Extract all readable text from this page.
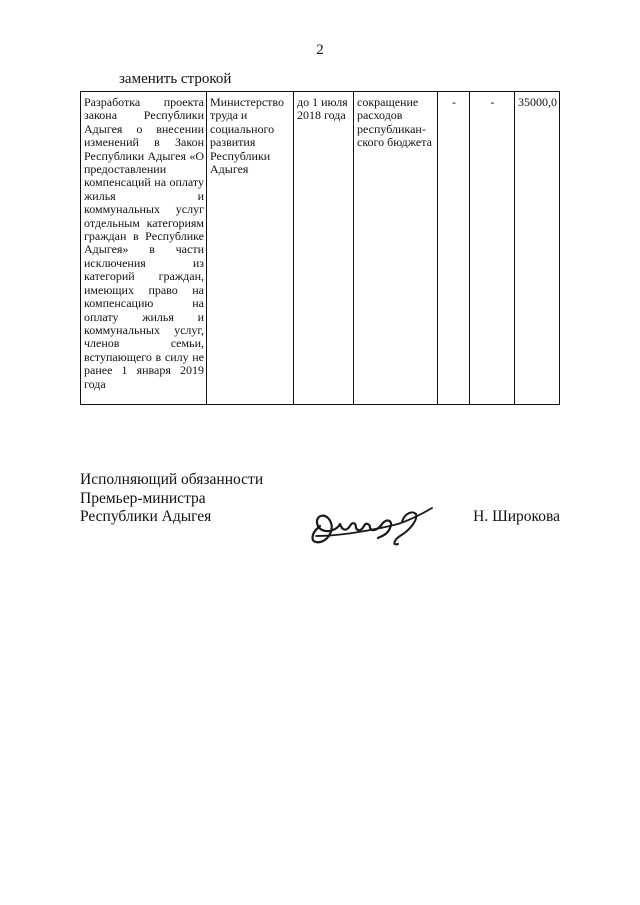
2
заменить строкой
Разработка проекта закона Республики Адыгея о внесении изменений в Закон Республики Адыгея «О предоставлении компенсаций на оплату жилья и коммунальных услуг отдельным категориям граждан в Республике Адыгея» в части исключения из категорий граждан, имеющих право на компенсацию на оплату жилья и коммунальных услуг, членов семьи, вступающего в силу не ранее 1 января 2019 года	Министерство труда и социального развития Республики Адыгея	до 1 июля 2018 года	сокращение расходов республикан-ского бюджета	-	-	35000,0
Исполняющий обязанности
Премьер-министра
Республики Адыгея	Н. Широкова
